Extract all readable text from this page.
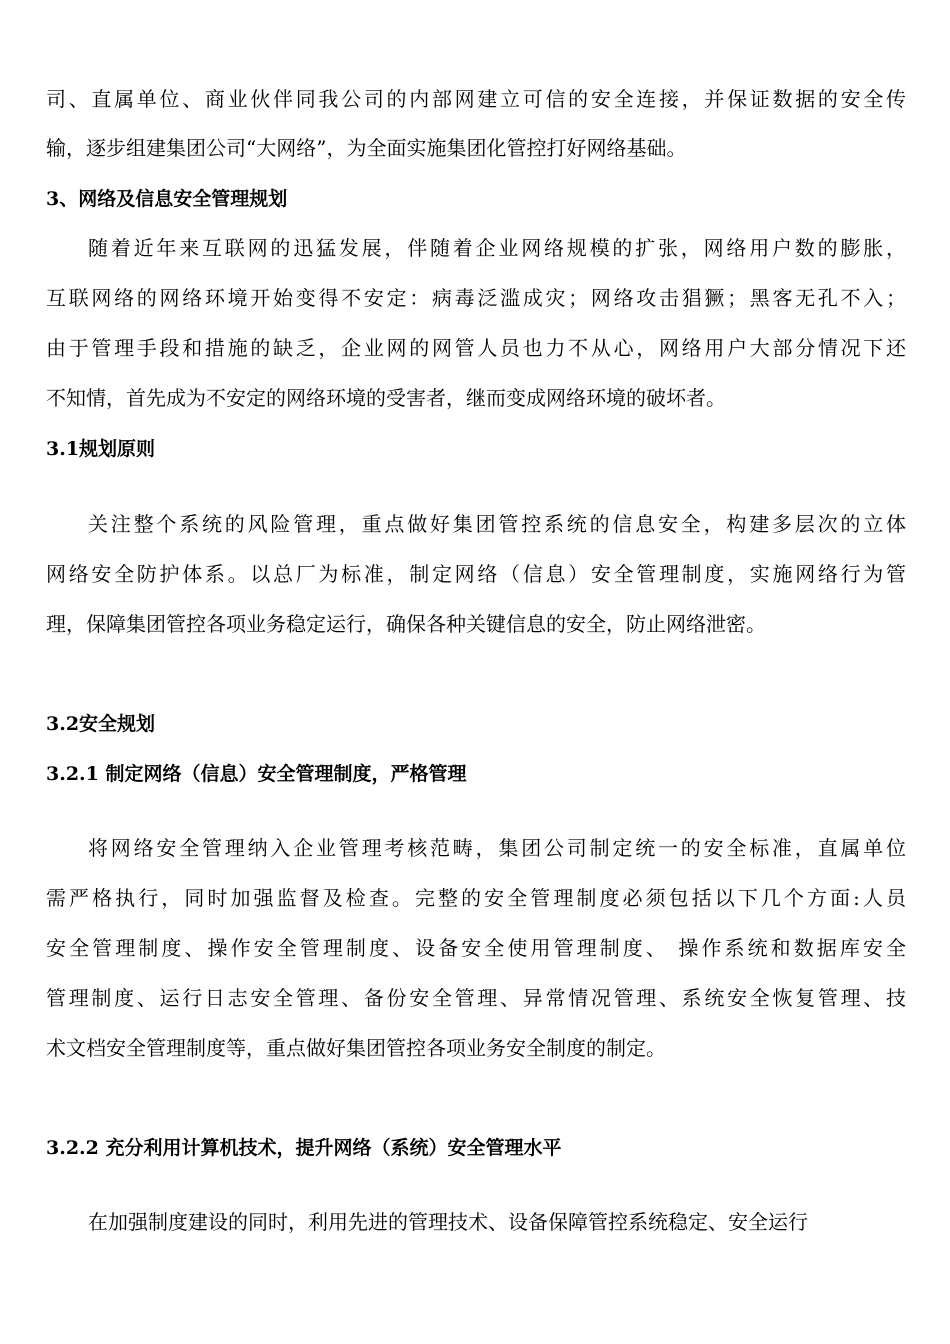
司、直属单位、商业伙伴同我公司的内部网建立可信的安全连接，并保证数据的安全传
输，逐步组建集团公司“大网络”，为全面实施集团化管控打好网络基础。
3、网络及信息安全管理规划
随着近年来互联网的迅猛发展，伴随着企业网络规模的扩张，网络用户数的膨胀，
互联网络的网络环境开始变得不安定：病毒泛滥成灾；网络攻击猖獗；黑客无孔不入；
由于管理手段和措施的缺乏，企业网的网管人员也力不从心，网络用户大部分情况下还
不知情，首先成为不安定的网络环境的受害者，继而变成网络环境的破坏者。
3.1规划原则
关注整个系统的风险管理，重点做好集团管控系统的信息安全，构建多层次的立体
网络安全防护体系。以总厂为标准，制定网络（信息）安全管理制度，实施网络行为管
理，保障集团管控各项业务稳定运行，确保各种关键信息的安全，防止网络泄密。
3.2安全规划
3.2.1 制定网络（信息）安全管理制度，严格管理
将网络安全管理纳入企业管理考核范畴，集团公司制定统一的安全标准，直属单位
需严格执行，同时加强监督及检查。完整的安全管理制度必须包括以下几个方面:人员
安全管理制度、操作安全管理制度、设备安全使用管理制度、 操作系统和数据库安全
管理制度、运行日志安全管理、备份安全管理、异常情况管理、系统安全恢复管理、技
术文档安全管理制度等，重点做好集团管控各项业务安全制度的制定。
3.2.2 充分利用计算机技术，提升网络（系统）安全管理水平
在加强制度建设的同时，利用先进的管理技术、设备保障管控系统稳定、安全运行
